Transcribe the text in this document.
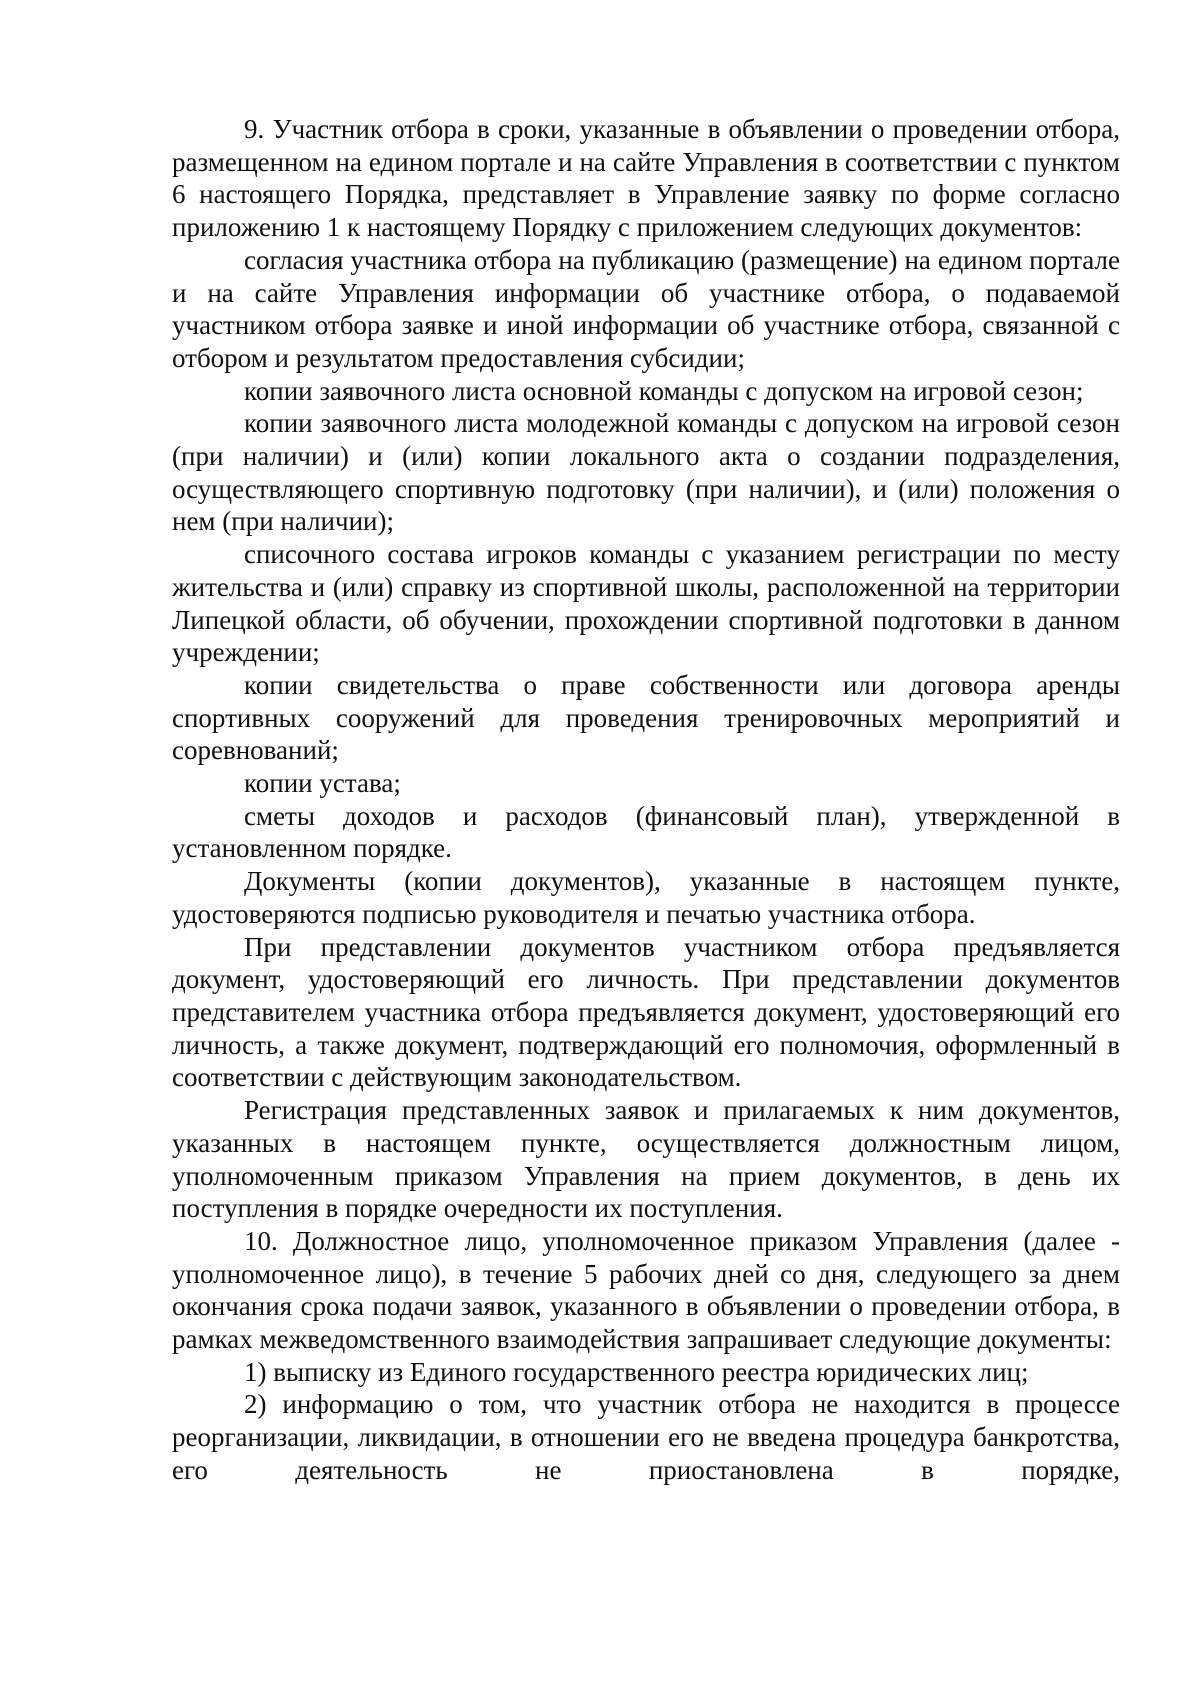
9. Участник отбора в сроки, указанные в объявлении о проведении отбора, размещенном на едином портале и на сайте Управления в соответствии с пунктом 6 настоящего Порядка, представляет в Управление заявку по форме согласно приложению 1 к настоящему Порядку с приложением следующих документов:

согласия участника отбора на публикацию (размещение) на едином портале и на сайте Управления информации об участнике отбора, о подаваемой участником отбора заявке и иной информации об участнике отбора, связанной с отбором и результатом предоставления субсидии;

копии заявочного листа основной команды с допуском на игровой сезон;

копии заявочного листа молодежной команды с допуском на игровой сезон (при наличии) и (или) копии локального акта о создании подразделения, осуществляющего спортивную подготовку (при наличии), и (или) положения о нем (при наличии);

списочного состава игроков команды с указанием регистрации по месту жительства и (или) справку из спортивной школы, расположенной на территории Липецкой области, об обучении, прохождении спортивной подготовки в данном учреждении;

копии свидетельства о праве собственности или договора аренды спортивных сооружений для проведения тренировочных мероприятий и соревнований;

копии устава;

сметы доходов и расходов (финансовый план), утвержденной в установленном порядке.

Документы (копии документов), указанные в настоящем пункте, удостоверяются подписью руководителя и печатью участника отбора.

При представлении документов участником отбора предъявляется документ, удостоверяющий его личность. При представлении документов представителем участника отбора предъявляется документ, удостоверяющий его личность, а также документ, подтверждающий его полномочия, оформленный в соответствии с действующим законодательством.

Регистрация представленных заявок и прилагаемых к ним документов, указанных в настоящем пункте, осуществляется должностным лицом, уполномоченным приказом Управления на прием документов, в день их поступления в порядке очередности их поступления.

10. Должностное лицо, уполномоченное приказом Управления (далее - уполномоченное лицо), в течение 5 рабочих дней со дня, следующего за днем окончания срока подачи заявок, указанного в объявлении о проведении отбора, в рамках межведомственного взаимодействия запрашивает следующие документы:

1) выписку из Единого государственного реестра юридических лиц;

2) информацию о том, что участник отбора не находится в процессе реорганизации, ликвидации, в отношении его не введена процедура банкротства, его деятельность не приостановлена в порядке,
